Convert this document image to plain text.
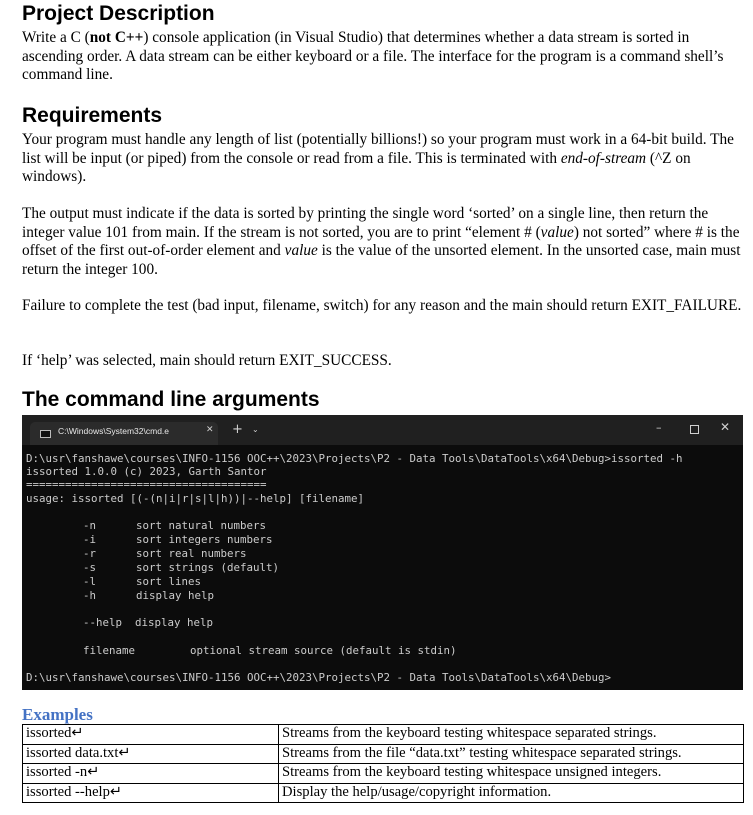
Project Description

Write a C (not C++) console application (in Visual Studio) that determines whether a data stream is sorted in ascending order. A data stream can be either keyboard or a file. The interface for the program is a command shell’s command line.

Requirements

Your program must handle any length of list (potentially billions!) so your program must work in a 64-bit build. The list will be input (or piped) from the console or read from a file. This is terminated with end-of-stream (^Z on windows).

The output must indicate if the data is sorted by printing the single word ‘sorted’ on a single line, then return the integer value 101 from main. If the stream is not sorted, you are to print “element # (value) not sorted” where # is the offset of the first out-of-order element and value is the value of the unsorted element. In the unsorted case, main must return the integer 100.

Failure to complete the test (bad input, filename, switch) for any reason and the main should return EXIT_FAILURE.

If ‘help’ was selected, main should return EXIT_SUCCESS.

The command line arguments
C:\Windows\System32\cmd.e	✕ + ⌄	–	✕
D:\usr\fanshawe\courses\INFO-1156 OOC++\2023\Projects\P2 - Data Tools\DataTools\x64\Debug>issorted -h
issorted 1.0.0 (c) 2023, Garth Santor
=====================================
usage: issorted [(-(n|i|r|s|l|h))|--help] [filename]
-n	sort natural numbers
-i	sort integers numbers
-r	sort real numbers
-s	sort strings (default)
-l	sort lines
-h	display help
--help  display help
filename	optional stream source (default is stdin)
D:\usr\fanshawe\courses\INFO-1156 OOC++\2023\Projects\P2 - Data Tools\DataTools\x64\Debug>
Examples
issorted↵	Streams from the keyboard testing whitespace separated strings.
issorted data.txt↵	Streams from the file “data.txt” testing whitespace separated strings.
issorted -n↵	Streams from the keyboard testing whitespace unsigned integers.
issorted --help↵	Display the help/usage/copyright information.
